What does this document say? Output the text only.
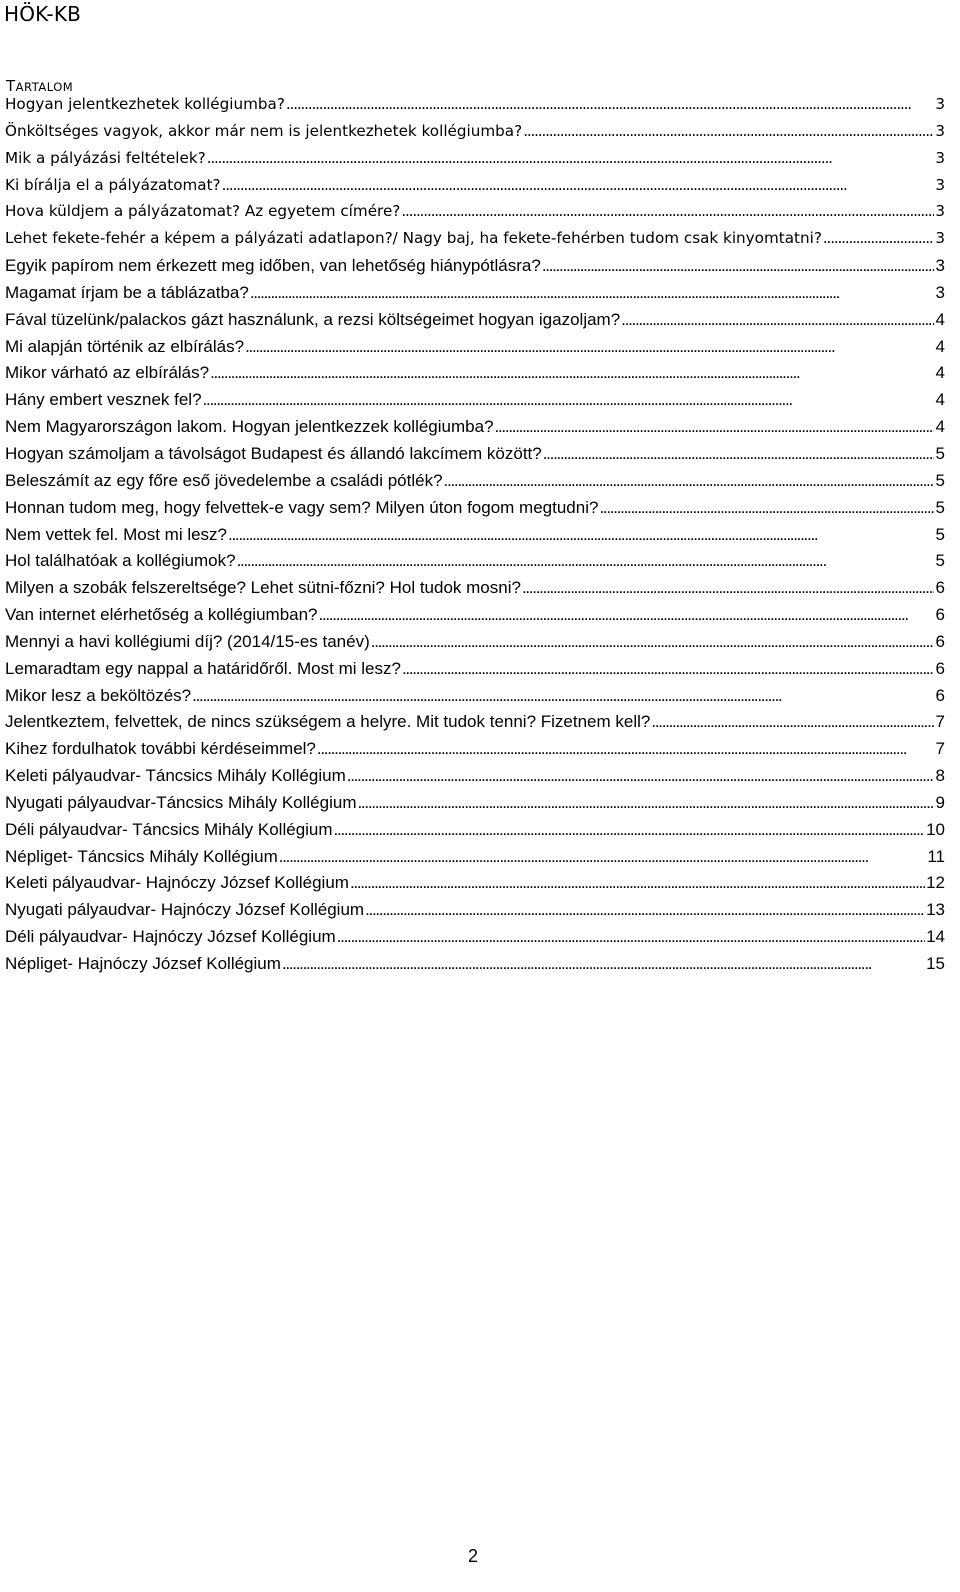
HÖK-KB
TARTALOM
Hogyan jelentkezhetek kollégiumba? . . .	3
Önköltséges vagyok, akkor már nem is jelentkezhetek kollégiumba? . . .	3
Mik a pályázási feltételek? . . .	3
Ki bírálja el a pályázatomat? . . .	3
Hova küldjem a pályázatomat? Az egyetem címére? . . .	3
Lehet fekete-fehér a képem a pályázati adatlapon?/ Nagy baj, ha fekete-fehérben tudom csak kinyomtatni? . . .	3
Egyik papírom nem érkezett meg időben, van lehetőség hiánypótlásra? . . .	3
Magamat írjam be a táblázatba? . . .	3
Fával tüzelünk/palackos gázt használunk, a rezsi költségeimet hogyan igazoljam? . . .	4
Mi alapján történik az elbírálás? . . .	4
Mikor várható az elbírálás? . . .	4
Hány embert vesznek fel? . . .	4
Nem Magyarországon lakom. Hogyan jelentkezzek kollégiumba? . . .	4
Hogyan számoljam a távolságot Budapest és állandó lakcímem között? . . .	5
Beleszámít az egy főre eső jövedelembe a családi pótlék? . . .	5
Honnan tudom meg, hogy felvettek-e vagy sem? Milyen úton fogom megtudni? . . .	5
Nem vettek fel. Most mi lesz? . . .	5
Hol találhatóak a kollégiumok? . . .	5
Milyen a szobák felszereltsége? Lehet sütni-főzni? Hol tudok mosni? . . .	6
Van internet elérhetőség a kollégiumban? . . .	6
Mennyi a havi kollégiumi díj? (2014/15-es tanév) . . .	6
Lemaradtam egy nappal a határidőről. Most mi lesz? . . .	6
Mikor lesz a beköltözés? . . .	6
Jelentkeztem, felvettek, de nincs szükségem a helyre. Mit tudok tenni? Fizetnem kell? . . .	7
Kihez fordulhatok további kérdéseimmel? . . .	7
Keleti pályaudvar- Táncsics Mihály Kollégium . . .	8
Nyugati pályaudvar-Táncsics Mihály Kollégium . . .	9
Déli pályaudvar- Táncsics Mihály Kollégium . . .	10
Népliget- Táncsics Mihály Kollégium . . .	11
Keleti pályaudvar- Hajnóczy József Kollégium . . .	12
Nyugati pályaudvar- Hajnóczy József Kollégium . . .	13
Déli pályaudvar- Hajnóczy József Kollégium . . .	14
Népliget- Hajnóczy József Kollégium . . .	15
2
